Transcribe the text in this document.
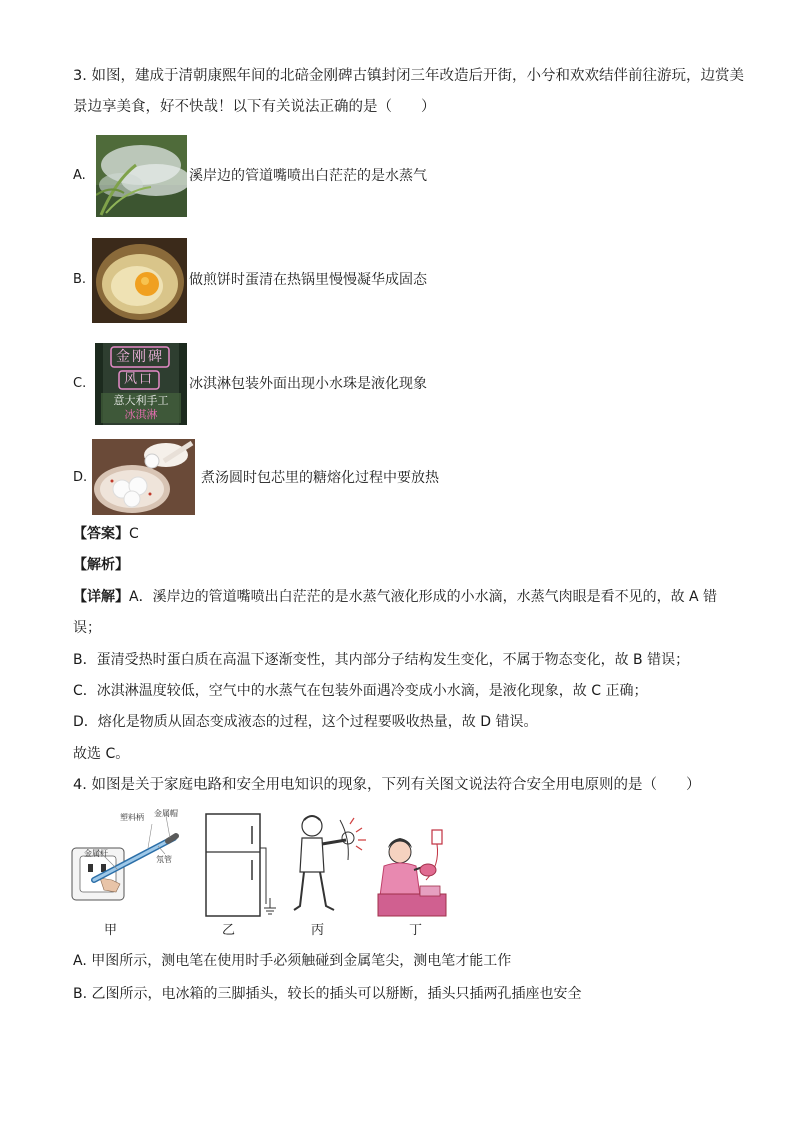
3. 如图，建成于清朝康熙年间的北碚金刚碑古镇封闭三年改造后开街，小兮和欢欢结伴前往游玩，边赏美
景边享美食，好不快哉！以下有关说法正确的是（　　）
A.	溪岸边的管道嘴喷出白茫茫的是水蒸气
B.	做煎饼时蛋清在热锅里慢慢凝华成固态
C.
金刚碑
风口
意大利手工
冰淇淋
冰淇淋包装外面出现小水珠是液化现象
D.	煮汤圆时包芯里的糖熔化过程中要放热
【答案】C
【解析】
【详解】A．溪岸边的管道嘴喷出白茫茫的是水蒸气液化形成的小水滴，水蒸气肉眼是看不见的，故 A 错
误；
B．蛋清受热时蛋白质在高温下逐渐变性，其内部分子结构发生变化，不属于物态变化，故 B 错误；
C．冰淇淋温度较低，空气中的水蒸气在包装外面遇冷变成小水滴，是液化现象，故 C 正确；
D．熔化是物质从固态变成液态的过程，这个过程要吸收热量，故 D 错误。
故选 C。
4. 如图是关于家庭电路和安全用电知识的现象，下列有关图文说法符合安全用电原则的是（　　）
金属杆
塑料柄 金属帽
氖管
甲	乙	丙	丁
A. 甲图所示，测电笔在使用时手必须触碰到金属笔尖，测电笔才能工作
B. 乙图所示，电冰箱的三脚插头，较长的插头可以掰断，插头只插两孔插座也安全
